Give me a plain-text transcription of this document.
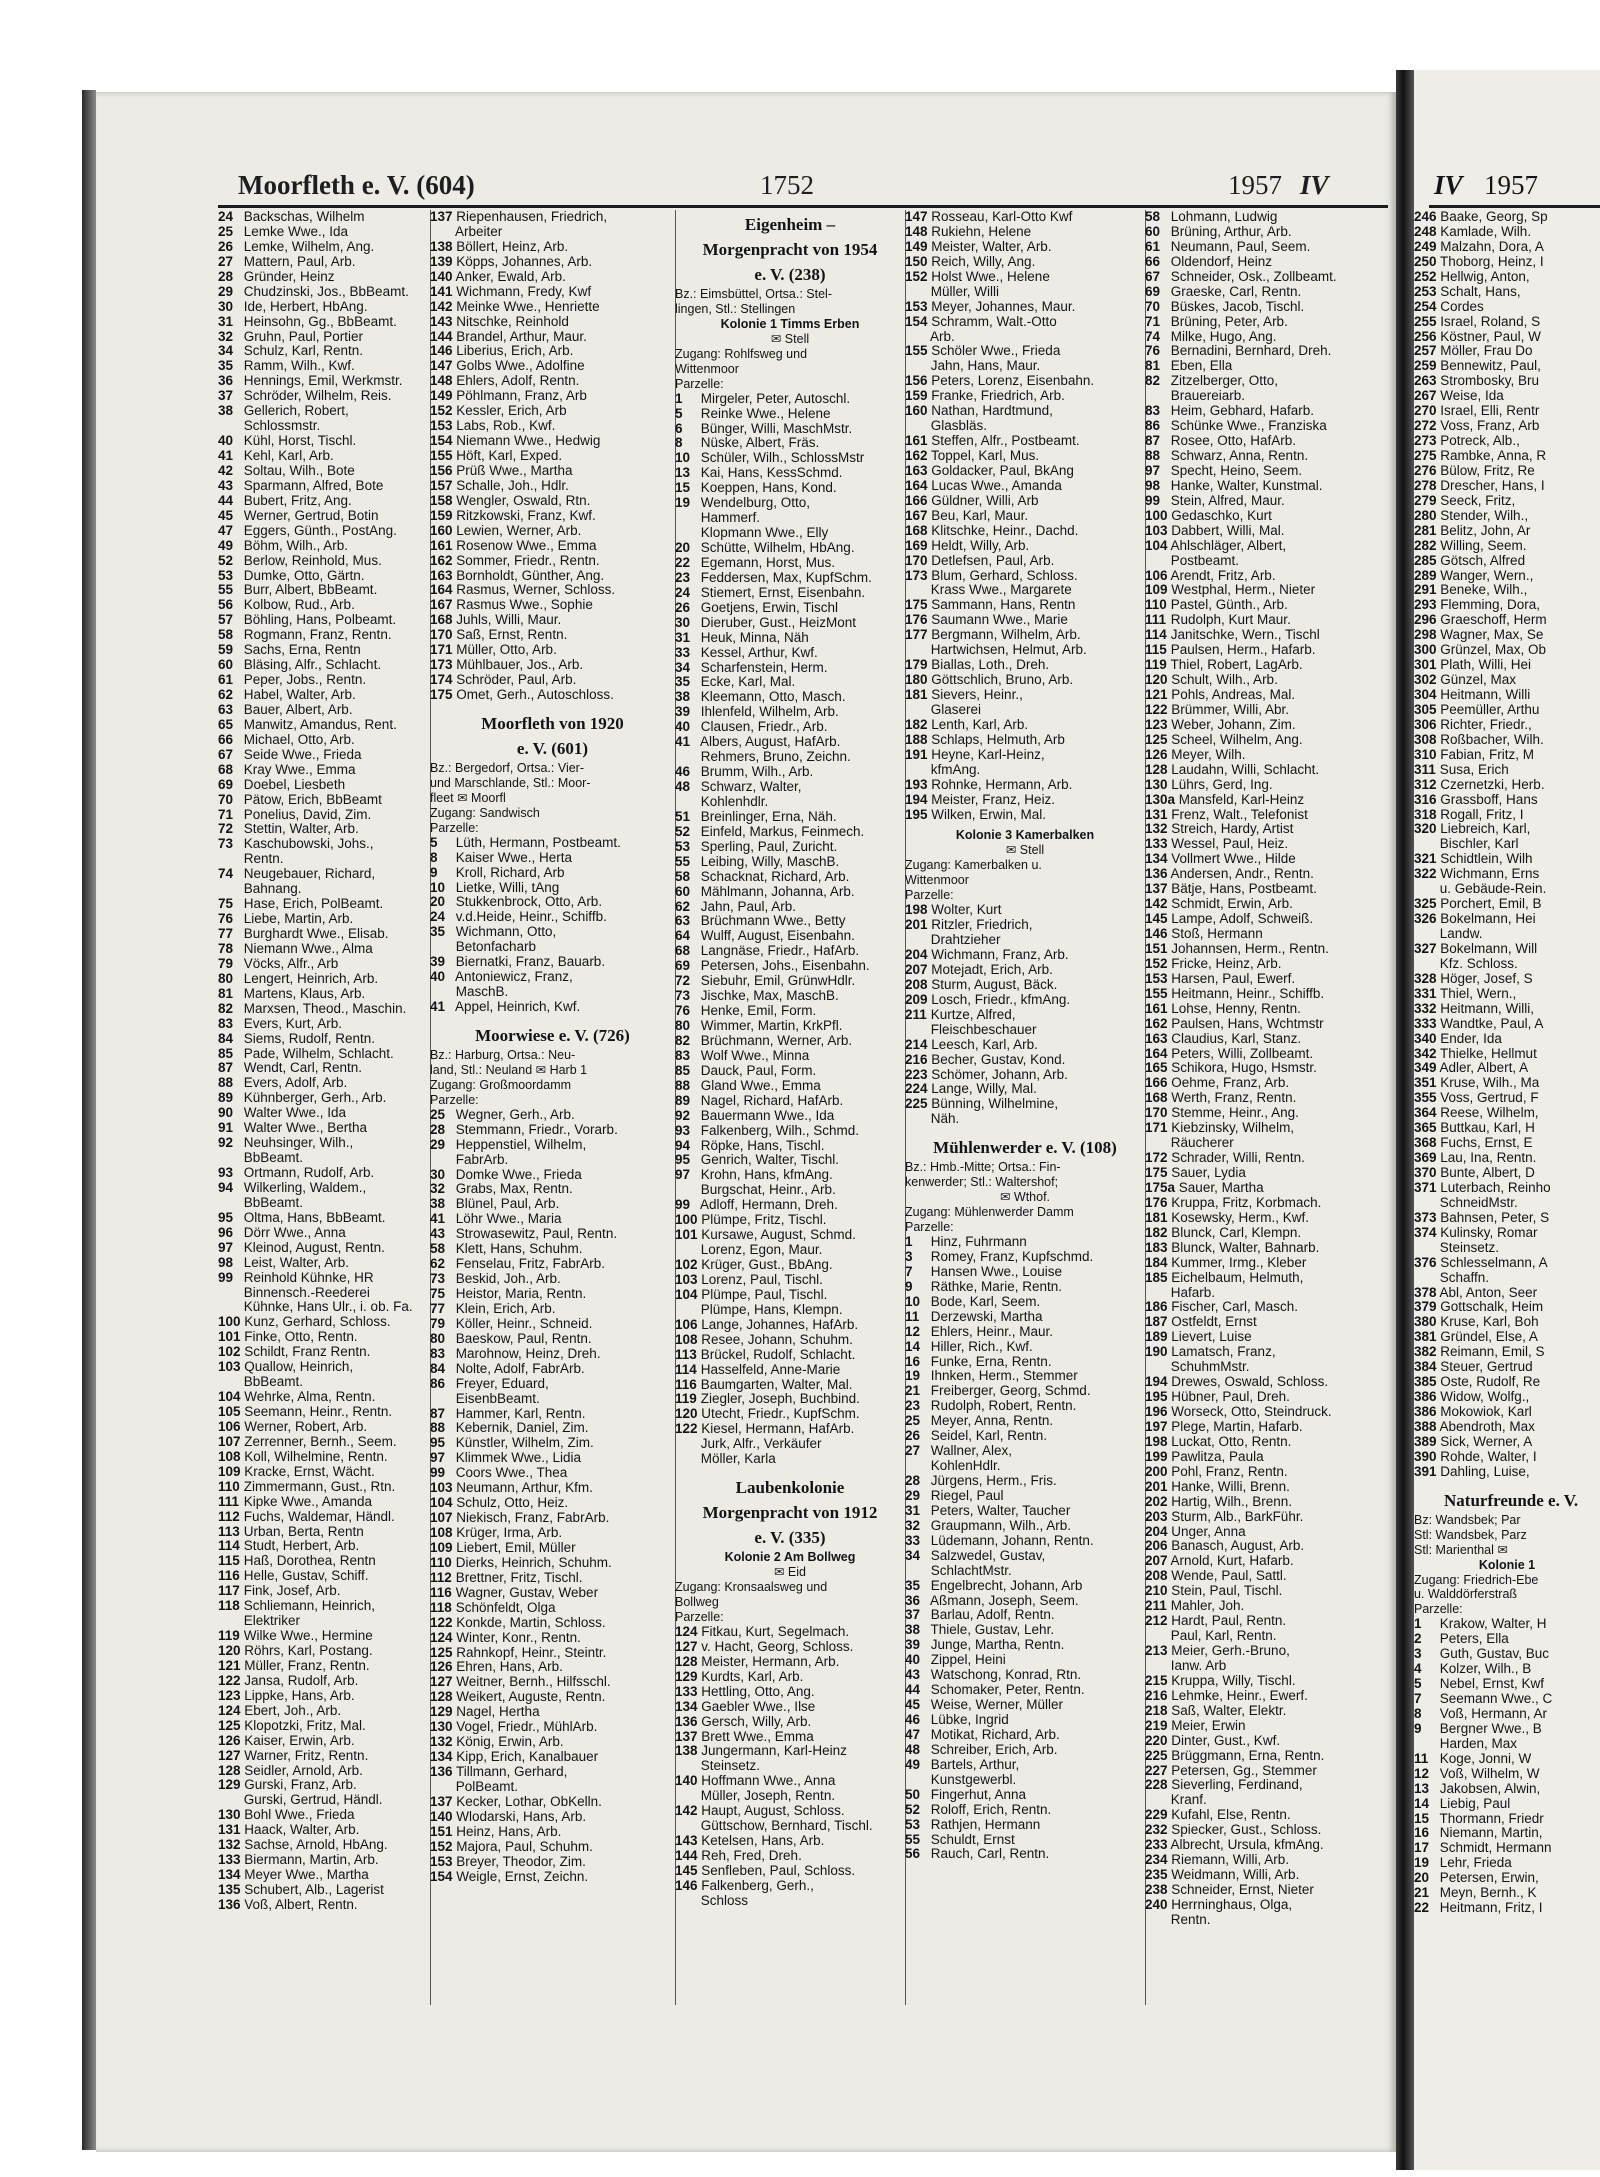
Moorfleth e. V. (604)	1752	1957 IV
24 Backschas, Wilhelm
25 Lemke Wwe., Ida
26 Lemke, Wilhelm, Ang.
27 Mattern, Paul, Arb.
28 Gründer, Heinz
29 Chudzinski, Jos., BbBeamt.
30 Ide, Herbert, HbAng.
31 Heinsohn, Gg., BbBeamt.
32 Gruhn, Paul, Portier
34 Schulz, Karl, Rentn.
35 Ramm, Wilh., Kwf.
36 Hennings, Emil, Werkmstr.
37 Schröder, Wilhelm, Reis.
38 Gellerich, Robert,
Schlossmstr.
40 Kühl, Horst, Tischl.
41 Kehl, Karl, Arb.
42 Soltau, Wilh., Bote
43 Sparmann, Alfred, Bote
44 Bubert, Fritz, Ang.
45 Werner, Gertrud, Botin
47 Eggers, Günth., PostAng.
49 Böhm, Wilh., Arb.
52 Berlow, Reinhold, Mus.
53 Dumke, Otto, Gärtn.
55 Burr, Albert, BbBeamt.
56 Kolbow, Rud., Arb.
57 Böhling, Hans, Polbeamt.
58 Rogmann, Franz, Rentn.
59 Sachs, Erna, Rentn
60 Bläsing, Alfr., Schlacht.
61 Peper, Jobs., Rentn.
62 Habel, Walter, Arb.
63 Bauer, Albert, Arb.
65 Manwitz, Amandus, Rent.
66 Michael, Otto, Arb.
67 Seide Wwe., Frieda
68 Kray Wwe., Emma
69 Doebel, Liesbeth
70 Pätow, Erich, BbBeamt
71 Ponelius, David, Zim.
72 Stettin, Walter, Arb.
73 Kaschubowski, Johs.,
Rentn.
74 Neugebauer, Richard,
Bahnang.
75 Hase, Erich, PolBeamt.
76 Liebe, Martin, Arb.
77 Burghardt Wwe., Elisab.
78 Niemann Wwe., Alma
79 Vöcks, Alfr., Arb
80 Lengert, Heinrich, Arb.
81 Martens, Klaus, Arb.
82 Marxsen, Theod., Maschin.
83 Evers, Kurt, Arb.
84 Siems, Rudolf, Rentn.
85 Pade, Wilhelm, Schlacht.
87 Wendt, Carl, Rentn.
88 Evers, Adolf, Arb.
89 Kühnberger, Gerh., Arb.
90 Walter Wwe., Ida
91 Walter Wwe., Bertha
92 Neuhsinger, Wilh.,
BbBeamt.
93 Ortmann, Rudolf, Arb.
94 Wilkerling, Waldem.,
BbBeamt.
95 Oltma, Hans, BbBeamt.
96 Dörr Wwe., Anna
97 Kleinod, August, Rentn.
98 Leist, Walter, Arb.
99 Reinhold Kühnke, HR
Binnensch.-Reederei
Kühnke, Hans Ulr., i. ob. Fa.
100 Kunz, Gerhard, Schloss.
101 Finke, Otto, Rentn.
102 Schildt, Franz Rentn.
103 Quallow, Heinrich,
BbBeamt.
104 Wehrke, Alma, Rentn.
105 Seemann, Heinr., Rentn.
106 Werner, Robert, Arb.
107 Zerrenner, Bernh., Seem.
108 Koll, Wilhelmine, Rentn.
109 Kracke, Ernst, Wächt.
110 Zimmermann, Gust., Rtn.
111 Kipke Wwe., Amanda
112 Fuchs, Waldemar, Händl.
113 Urban, Berta, Rentn
114 Studt, Herbert, Arb.
115 Haß, Dorothea, Rentn
116 Helle, Gustav, Schiff.
117 Fink, Josef, Arb.
118 Schliemann, Heinrich,
Elektriker
119 Wilke Wwe., Hermine
120 Röhrs, Karl, Postang.
121 Müller, Franz, Rentn.
122 Jansa, Rudolf, Arb.
123 Lippke, Hans, Arb.
124 Ebert, Joh., Arb.
125 Klopotzki, Fritz, Mal.
126 Kaiser, Erwin, Arb.
127 Warner, Fritz, Rentn.
128 Seidler, Arnold, Arb.
129 Gurski, Franz, Arb.
Gurski, Gertrud, Händl.
130 Bohl Wwe., Frieda
131 Haack, Walter, Arb.
132 Sachse, Arnold, HbAng.
133 Biermann, Martin, Arb.
134 Meyer Wwe., Martha
135 Schubert, Alb., Lagerist
136 Voß, Albert, Rentn.
137 Riepenhausen, Friedrich,
Arbeiter
138 Böllert, Heinz, Arb.
139 Köpps, Johannes, Arb.
140 Anker, Ewald, Arb.
141 Wichmann, Fredy, Kwf
142 Meinke Wwe., Henriette
143 Nitschke, Reinhold
144 Brandel, Arthur, Maur.
146 Liberius, Erich, Arb.
147 Golbs Wwe., Adolfine
148 Ehlers, Adolf, Rentn.
149 Pöhlmann, Franz, Arb
152 Kessler, Erich, Arb
153 Labs, Rob., Kwf.
154 Niemann Wwe., Hedwig
155 Höft, Karl, Exped.
156 Prüß Wwe., Martha
157 Schalle, Joh., Hdlr.
158 Wengler, Oswald, Rtn.
159 Ritzkowski, Franz, Kwf.
160 Lewien, Werner, Arb.
161 Rosenow Wwe., Emma
162 Sommer, Friedr., Rentn.
163 Bornholdt, Günther, Ang.
164 Rasmus, Werner, Schloss.
167 Rasmus Wwe., Sophie
168 Juhls, Willi, Maur.
170 Saß, Ernst, Rentn.
171 Müller, Otto, Arb.
173 Mühlbauer, Jos., Arb.
174 Schröder, Paul, Arb.
175 Omet, Gerh., Autoschloss.
Moorfleth von 1920
e. V. (601)
Bz.: Bergedorf, Ortsa.: Vier-
und Marschlande, Stl.: Moor-
fleet ✉ Moorfl
Zugang: Sandwisch
Parzelle:
5 Lüth, Hermann, Postbeamt.
8 Kaiser Wwe., Herta
9 Kroll, Richard, Arb
10 Lietke, Willi, tAng
20 Stukkenbrock, Otto, Arb.
24 v.d.Heide, Heinr., Schiffb.
35 Wichmann, Otto,
Betonfacharb
39 Biernatki, Franz, Bauarb.
40 Antoniewicz, Franz,
MaschB.
41 Appel, Heinrich, Kwf.
Moorwiese e. V. (726)
Bz.: Harburg, Ortsa.: Neu-
land, Stl.: Neuland ✉ Harb 1
Zugang: Großmoordamm
Parzelle:
25 Wegner, Gerh., Arb.
28 Stemmann, Friedr., Vorarb.
29 Heppenstiel, Wilhelm,
FabrArb.
30 Domke Wwe., Frieda
32 Grabs, Max, Rentn.
38 Blünel, Paul, Arb.
41 Löhr Wwe., Maria
43 Strowasewitz, Paul, Rentn.
58 Klett, Hans, Schuhm.
62 Fenselau, Fritz, FabrArb.
73 Beskid, Joh., Arb.
75 Heistor, Maria, Rentn.
77 Klein, Erich, Arb.
79 Köller, Heinr., Schneid.
80 Baeskow, Paul, Rentn.
83 Marohnow, Heinz, Dreh.
84 Nolte, Adolf, FabrArb.
86 Freyer, Eduard,
EisenbBeamt.
87 Hammer, Karl, Rentn.
88 Kebernik, Daniel, Zim.
95 Künstler, Wilhelm, Zim.
97 Klimmek Wwe., Lidia
99 Coors Wwe., Thea
103 Neumann, Arthur, Kfm.
104 Schulz, Otto, Heiz.
107 Niekisch, Franz, FabrArb.
108 Krüger, Irma, Arb.
109 Liebert, Emil, Müller
110 Dierks, Heinrich, Schuhm.
112 Brettner, Fritz, Tischl.
116 Wagner, Gustav, Weber
118 Schönfeldt, Olga
122 Konkde, Martin, Schloss.
124 Winter, Konr., Rentn.
125 Rahnkopf, Heinr., Steintr.
126 Ehren, Hans, Arb.
127 Weitner, Bernh., Hilfsschl.
128 Weikert, Auguste, Rentn.
129 Nagel, Hertha
130 Vogel, Friedr., MühlArb.
132 König, Erwin, Arb.
134 Kipp, Erich, Kanalbauer
136 Tillmann, Gerhard,
PolBeamt.
137 Kecker, Lothar, ObKelln.
140 Wlodarski, Hans, Arb.
151 Heinz, Hans, Arb.
152 Majora, Paul, Schuhm.
153 Breyer, Theodor, Zim.
154 Weigle, Ernst, Zeichn.
Eigenheim –
Morgenpracht von 1954
e. V. (238)
Bz.: Eimsbüttel, Ortsa.: Stel-
lingen, Stl.: Stellingen
Kolonie 1 Timms Erben
✉ Stell
Zugang: Rohlfsweg und
Wittenmoor
Parzelle:
1 Mirgeler, Peter, Autoschl.
5 Reinke Wwe., Helene
6 Bünger, Willi, MaschMstr.
8 Nüske, Albert, Fräs.
10 Schüler, Wilh., SchlossMstr
13 Kai, Hans, KessSchmd.
15 Koeppen, Hans, Kond.
19 Wendelburg, Otto,
Hammerf.
Klopmann Wwe., Elly
20 Schütte, Wilhelm, HbAng.
22 Egemann, Horst, Mus.
23 Feddersen, Max, KupfSchm.
24 Stiemert, Ernst, Eisenbahn.
26 Goetjens, Erwin, Tischl
30 Dieruber, Gust., HeizMont
31 Heuk, Minna, Näh
33 Kessel, Arthur, Kwf.
34 Scharfenstein, Herm.
35 Ecke, Karl, Mal.
38 Kleemann, Otto, Masch.
39 Ihlenfeld, Wilhelm, Arb.
40 Clausen, Friedr., Arb.
41 Albers, August, HafArb.
Rehmers, Bruno, Zeichn.
46 Brumm, Wilh., Arb.
48 Schwarz, Walter,
Kohlenhdlr.
51 Breinlinger, Erna, Näh.
52 Einfeld, Markus, Feinmech.
53 Sperling, Paul, Zuricht.
55 Leibing, Willy, MaschB.
58 Schacknat, Richard, Arb.
60 Mählmann, Johanna, Arb.
62 Jahn, Paul, Arb.
63 Brüchmann Wwe., Betty
64 Wulff, August, Eisenbahn.
68 Langnäse, Friedr., HafArb.
69 Petersen, Johs., Eisenbahn.
72 Siebuhr, Emil, GrünwHdlr.
73 Jischke, Max, MaschB.
76 Henke, Emil, Form.
80 Wimmer, Martin, KrkPfl.
82 Brüchmann, Werner, Arb.
83 Wolf Wwe., Minna
85 Dauck, Paul, Form.
88 Gland Wwe., Emma
89 Nagel, Richard, HafArb.
92 Bauermann Wwe., Ida
93 Falkenberg, Wilh., Schmd.
94 Röpke, Hans, Tischl.
95 Genrich, Walter, Tischl.
97 Krohn, Hans, kfmAng.
Burgschat, Heinr., Arb.
99 Adloff, Hermann, Dreh.
100 Plümpe, Fritz, Tischl.
101 Kursawe, August, Schmd.
Lorenz, Egon, Maur.
102 Krüger, Gust., BbAng.
103 Lorenz, Paul, Tischl.
104 Plümpe, Paul, Tischl.
Plümpe, Hans, Klempn.
106 Lange, Johannes, HafArb.
108 Resee, Johann, Schuhm.
113 Brückel, Rudolf, Schlacht.
114 Hasselfeld, Anne-Marie
116 Baumgarten, Walter, Mal.
119 Ziegler, Joseph, Buchbind.
120 Utecht, Friedr., KupfSchm.
122 Kiesel, Hermann, HafArb.
Jurk, Alfr., Verkäufer
Möller, Karla
Laubenkolonie
Morgenpracht von 1912
e. V. (335)
Kolonie 2 Am Bollweg
✉ Eid
Zugang: Kronsaalsweg und
Bollweg
Parzelle:
124 Fitkau, Kurt, Segelmach.
127 v. Hacht, Georg, Schloss.
128 Meister, Hermann, Arb.
129 Kurdts, Karl, Arb.
133 Hettling, Otto, Ang.
134 Gaebler Wwe., Ilse
136 Gersch, Willy, Arb.
137 Brett Wwe., Emma
138 Jungermann, Karl-Heinz
Steinsetz.
140 Hoffmann Wwe., Anna
Müller, Joseph, Rentn.
142 Haupt, August, Schloss.
Güttschow, Bernhard, Tischl.
143 Ketelsen, Hans, Arb.
144 Reh, Fred, Dreh.
145 Senfleben, Paul, Schloss.
146 Falkenberg, Gerh.,
Schloss
147 Rosseau, Karl-Otto Kwf
148 Rukiehn, Helene
149 Meister, Walter, Arb.
150 Reich, Willy, Ang.
152 Holst Wwe., Helene
Müller, Willi
153 Meyer, Johannes, Maur.
154 Schramm, Walt.-Otto
Arb.
155 Schöler Wwe., Frieda
Jahn, Hans, Maur.
156 Peters, Lorenz, Eisenbahn.
159 Franke, Friedrich, Arb.
160 Nathan, Hardtmund,
Glasbläs.
161 Steffen, Alfr., Postbeamt.
162 Toppel, Karl, Mus.
163 Goldacker, Paul, BkAng
164 Lucas Wwe., Amanda
166 Güldner, Willi, Arb
167 Beu, Karl, Maur.
168 Klitschke, Heinr., Dachd.
169 Heldt, Willy, Arb.
170 Detlefsen, Paul, Arb.
173 Blum, Gerhard, Schloss.
Krass Wwe., Margarete
175 Sammann, Hans, Rentn
176 Saumann Wwe., Marie
177 Bergmann, Wilhelm, Arb.
Hartwichsen, Helmut, Arb.
179 Biallas, Loth., Dreh.
180 Göttschlich, Bruno, Arb.
181 Sievers, Heinr.,
Glaserei
182 Lenth, Karl, Arb.
188 Schlaps, Helmuth, Arb
191 Heyne, Karl-Heinz,
kfmAng.
193 Rohnke, Hermann, Arb.
194 Meister, Franz, Heiz.
195 Wilken, Erwin, Mal.
Kolonie 3 Kamerbalken
✉ Stell
Zugang: Kamerbalken u.
Wittenmoor
Parzelle:
198 Wolter, Kurt
201 Ritzler, Friedrich,
Drahtzieher
204 Wichmann, Franz, Arb.
207 Motejadt, Erich, Arb.
208 Sturm, August, Bäck.
209 Losch, Friedr., kfmAng.
211 Kurtze, Alfred,
Fleischbeschauer
214 Leesch, Karl, Arb.
216 Becher, Gustav, Kond.
223 Schömer, Johann, Arb.
224 Lange, Willy, Mal.
225 Bünning, Wilhelmine,
Näh.
Mühlenwerder e. V. (108)
Bz.: Hmb.-Mitte; Ortsa.: Fin-
kenwerder; Stl.: Waltershof;
✉ Wthof.
Zugang: Mühlenwerder Damm
Parzelle:
1 Hinz, Fuhrmann
3 Romey, Franz, Kupfschmd.
7 Hansen Wwe., Louise
9 Räthke, Marie, Rentn.
10 Bode, Karl, Seem.
11 Derzewski, Martha
12 Ehlers, Heinr., Maur.
14 Hiller, Rich., Kwf.
16 Funke, Erna, Rentn.
19 Ihnken, Herm., Stemmer
21 Freiberger, Georg, Schmd.
23 Rudolph, Robert, Rentn.
25 Meyer, Anna, Rentn.
26 Seidel, Karl, Rentn.
27 Wallner, Alex,
KohlenHdlr.
28 Jürgens, Herm., Fris.
29 Riegel, Paul
31 Peters, Walter, Taucher
32 Graupmann, Wilh., Arb.
33 Lüdemann, Johann, Rentn.
34 Salzwedel, Gustav,
SchlachtMstr.
35 Engelbrecht, Johann, Arb
36 Aßmann, Joseph, Seem.
37 Barlau, Adolf, Rentn.
38 Thiele, Gustav, Lehr.
39 Junge, Martha, Rentn.
40 Zippel, Heini
43 Watschong, Konrad, Rtn.
44 Schomaker, Peter, Rentn.
45 Weise, Werner, Müller
46 Lübke, Ingrid
47 Motikat, Richard, Arb.
48 Schreiber, Erich, Arb.
49 Bartels, Arthur,
Kunstgewerbl.
50 Fingerhut, Anna
52 Roloff, Erich, Rentn.
53 Rathjen, Hermann
55 Schuldt, Ernst
56 Rauch, Carl, Rentn.
58 Lohmann, Ludwig
60 Brüning, Arthur, Arb.
61 Neumann, Paul, Seem.
66 Oldendorf, Heinz
67 Schneider, Osk., Zollbeamt.
69 Graeske, Carl, Rentn.
70 Büskes, Jacob, Tischl.
71 Brüning, Peter, Arb.
74 Milke, Hugo, Ang.
76 Bernadini, Bernhard, Dreh.
81 Eben, Ella
82 Zitzelberger, Otto,
Brauereiarb.
83 Heim, Gebhard, Hafarb.
86 Schünke Wwe., Franziska
87 Rosee, Otto, HafArb.
88 Schwarz, Anna, Rentn.
97 Specht, Heino, Seem.
98 Hanke, Walter, Kunstmal.
99 Stein, Alfred, Maur.
100 Gedaschko, Kurt
103 Dabbert, Willi, Mal.
104 Ahlschläger, Albert,
Postbeamt.
106 Arendt, Fritz, Arb.
109 Westphal, Herm., Nieter
110 Pastel, Günth., Arb.
111 Rudolph, Kurt Maur.
114 Janitschke, Wern., Tischl
115 Paulsen, Herm., Hafarb.
119 Thiel, Robert, LagArb.
120 Schult, Wilh., Arb.
121 Pohls, Andreas, Mal.
122 Brümmer, Willi, Abr.
123 Weber, Johann, Zim.
125 Scheel, Wilhelm, Ang.
126 Meyer, Wilh.
128 Laudahn, Willi, Schlacht.
130 Lührs, Gerd, Ing.
130a Mansfeld, Karl-Heinz
131 Frenz, Walt., Telefonist
132 Streich, Hardy, Artist
133 Wessel, Paul, Heiz.
134 Vollmert Wwe., Hilde
136 Andersen, Andr., Rentn.
137 Bätje, Hans, Postbeamt.
142 Schmidt, Erwin, Arb.
145 Lampe, Adolf, Schweiß.
146 Stoß, Hermann
151 Johannsen, Herm., Rentn.
152 Fricke, Heinz, Arb.
153 Harsen, Paul, Ewerf.
155 Heitmann, Heinr., Schiffb.
161 Lohse, Henny, Rentn.
162 Paulsen, Hans, Wchtmstr
163 Claudius, Karl, Stanz.
164 Peters, Willi, Zollbeamt.
165 Schikora, Hugo, Hsmstr.
166 Oehme, Franz, Arb.
168 Werth, Franz, Rentn.
170 Stemme, Heinr., Ang.
171 Kiebzinsky, Wilhelm,
Räucherer
172 Schrader, Willi, Rentn.
175 Sauer, Lydia
175a Sauer, Martha
176 Kruppa, Fritz, Korbmach.
181 Kosewsky, Herm., Kwf.
182 Blunck, Carl, Klempn.
183 Blunck, Walter, Bahnarb.
184 Kummer, Irmg., Kleber
185 Eichelbaum, Helmuth,
Hafarb.
186 Fischer, Carl, Masch.
187 Ostfeldt, Ernst
189 Lievert, Luise
190 Lamatsch, Franz,
SchuhmMstr.
194 Drewes, Oswald, Schloss.
195 Hübner, Paul, Dreh.
196 Worseck, Otto, Steindruck.
197 Plege, Martin, Hafarb.
198 Luckat, Otto, Rentn.
199 Pawlitza, Paula
200 Pohl, Franz, Rentn.
201 Hanke, Willi, Brenn.
202 Hartig, Wilh., Brenn.
203 Sturm, Alb., BarkFühr.
204 Unger, Anna
206 Banasch, August, Arb.
207 Arnold, Kurt, Hafarb.
208 Wende, Paul, Sattl.
210 Stein, Paul, Tischl.
211 Mahler, Joh.
212 Hardt, Paul, Rentn.
Paul, Karl, Rentn.
213 Meier, Gerh.-Bruno,
Ianw. Arb
215 Kruppa, Willy, Tischl.
216 Lehmke, Heinr., Ewerf.
218 Saß, Walter, Elektr.
219 Meier, Erwin
220 Dinter, Gust., Kwf.
225 Brüggmann, Erna, Rentn.
227 Petersen, Gg., Stemmer
228 Sieverling, Ferdinand,
Kranf.
229 Kufahl, Else, Rentn.
232 Spiecker, Gust., Schloss.
233 Albrecht, Ursula, kfmAng.
234 Riemann, Willi, Arb.
235 Weidmann, Willi, Arb.
238 Schneider, Ernst, Nieter
240 Herrninghaus, Olga,
Rentn.
IV 1957
246 Baake, Georg, Sp
248 Kamlade, Wilh.
249 Malzahn, Dora, A
250 Thoborg, Heinz, I
252 Hellwig, Anton,
253 Schalt, Hans,
254 Cordes
255 Israel, Roland, S
256 Köstner, Paul, W
257 Möller, Frau Do
259 Bennewitz, Paul,
263 Strombosky, Bru
267 Weise, Ida
270 Israel, Elli, Rentr
272 Voss, Franz, Arb
273 Potreck, Alb.,
275 Rambke, Anna, R
276 Bülow, Fritz, Re
278 Drescher, Hans, I
279 Seeck, Fritz,
280 Stender, Wilh.,
281 Belitz, John, Ar
282 Willing, Seem.
285 Götsch, Alfred
289 Wanger, Wern.,
291 Beneke, Wilh.,
293 Flemming, Dora,
296 Graeschoff, Herm
298 Wagner, Max, Se
300 Grünzel, Max, Ob
301 Plath, Willi, Hei
302 Günzel, Max
304 Heitmann, Willi
305 Peemüller, Arthu
306 Richter, Friedr.,
308 Roßbacher, Wilh.
310 Fabian, Fritz, M
311 Susa, Erich
312 Czernetzki, Herb.
316 Grassboff, Hans
318 Rogall, Fritz, I
320 Liebreich, Karl,
Bischler, Karl
321 Schidtlein, Wilh
322 Wichmann, Erns
u. Gebäude-Rein.
325 Porchert, Emil, B
326 Bokelmann, Hei
Landw.
327 Bokelmann, Will
Kfz. Schloss.
328 Höger, Josef, S
331 Thiel, Wern.,
332 Heitmann, Willi,
333 Wandtke, Paul, A
340 Ender, Ida
342 Thielke, Hellmut
349 Adler, Albert, A
351 Kruse, Wilh., Ma
355 Voss, Gertrud, F
364 Reese, Wilhelm,
365 Buttkau, Karl, H
368 Fuchs, Ernst, E
369 Lau, Ina, Rentn.
370 Bunte, Albert, D
371 Luterbach, Reinho
SchneidMstr.
373 Bahnsen, Peter, S
374 Kulinsky, Romar
Steinsetz.
376 Schlesselmann, A
Schaffn.
378 Abl, Anton, Seer
379 Gottschalk, Heim
380 Kruse, Karl, Boh
381 Gründel, Else, A
382 Reimann, Emil, S
384 Steuer, Gertrud
385 Oste, Rudolf, Re
386 Widow, Wolfg.,
386 Mokowiok, Karl
388 Abendroth, Max
389 Sick, Werner, A
390 Rohde, Walter, I
391 Dahling, Luise,
Naturfreunde e. V.
Bz: Wandsbek; Par
Stl: Wandsbek, Parz
Stl: Marienthal ✉
Kolonie 1
Zugang: Friedrich-Ebe
u. Walddörferstraß
Parzelle:
1 Krakow, Walter, H
2 Peters, Ella
3 Guth, Gustav, Buc
4 Kolzer, Wilh., B
5 Nebel, Ernst, Kwf
7 Seemann Wwe., C
8 Voß, Hermann, Ar
9 Bergner Wwe., B
Harden, Max
11 Koge, Jonni, W
12 Voß, Wilhelm, W
13 Jakobsen, Alwin,
14 Liebig, Paul
15 Thormann, Friedr
16 Niemann, Martin,
17 Schmidt, Hermann
19 Lehr, Frieda
20 Petersen, Erwin,
21 Meyn, Bernh., K
22 Heitmann, Fritz, I
